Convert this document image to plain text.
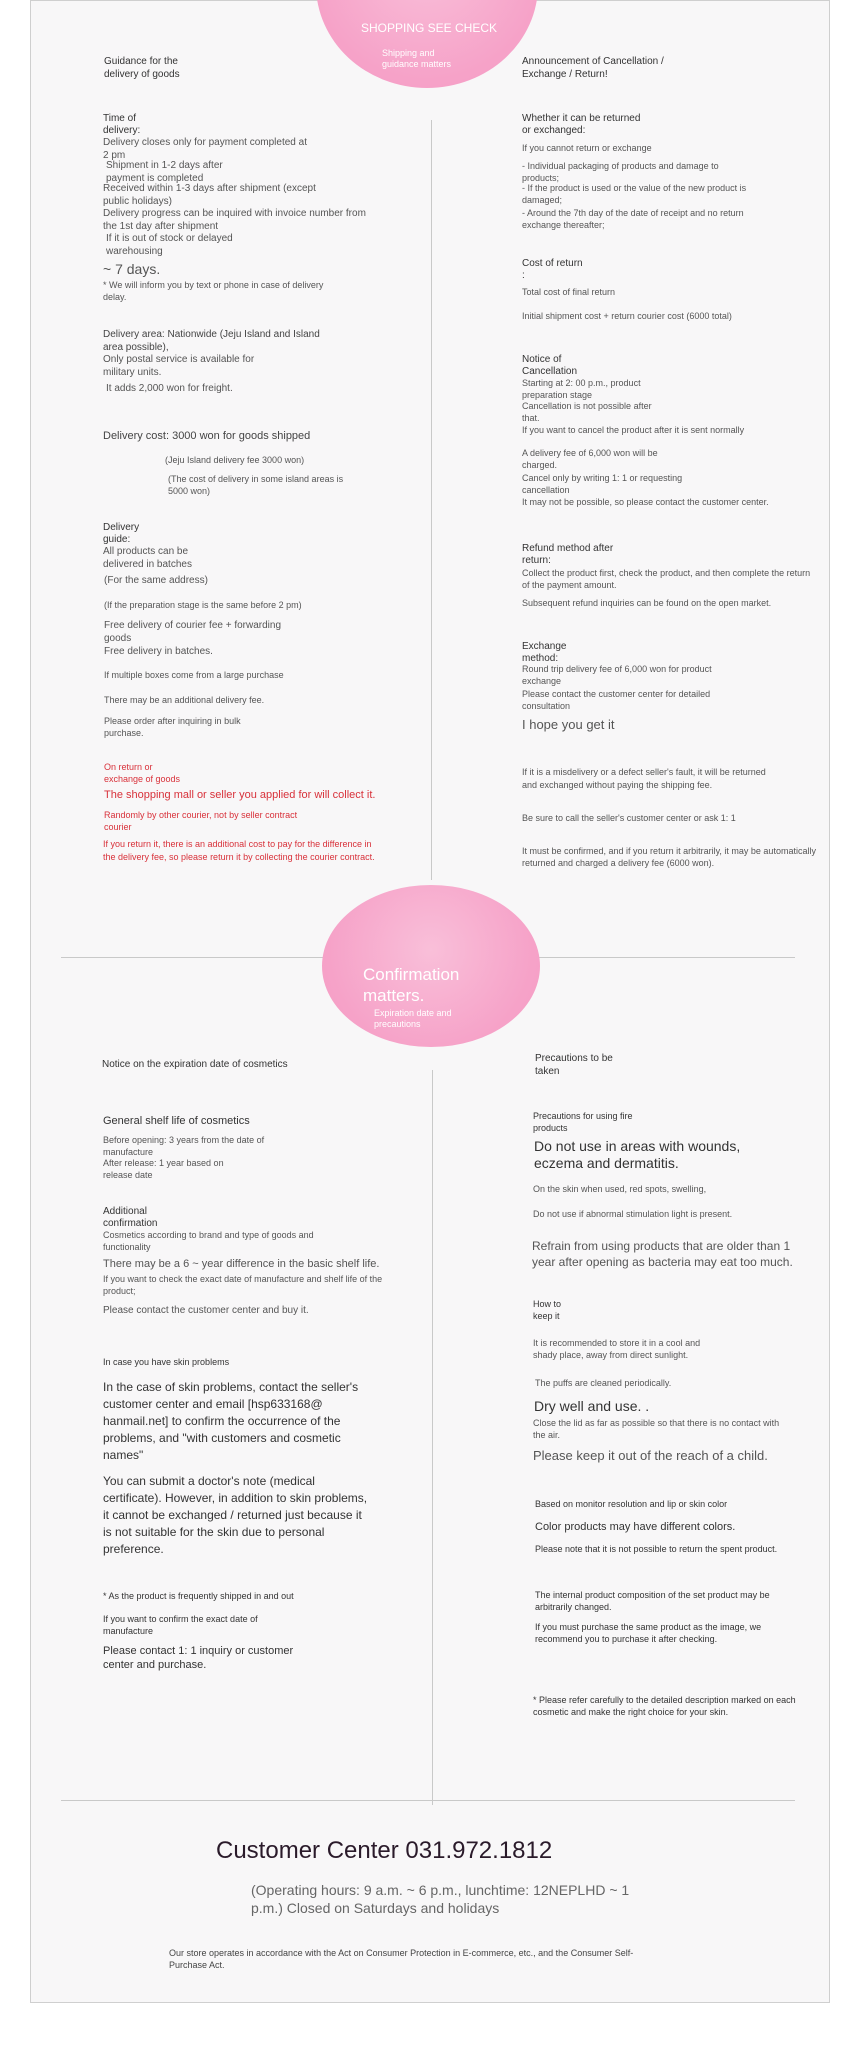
SHOPPING SEE CHECK
Shipping and guidance matters
Guidance for the delivery of goods
Announcement of Cancellation / Exchange / Return!
Time of delivery:
Delivery closes only for payment completed at 2 pm
Shipment in 1-2 days after payment is completed
Received within 1-3 days after shipment (except public holidays)
Delivery progress can be inquired with invoice number from the 1st day after shipment
If it is out of stock or delayed warehousing
~ 7 days.
* We will inform you by text or phone in case of delivery delay.
Delivery area: Nationwide (Jeju Island and Island area possible),
Only postal service is available for military units.
It adds 2,000 won for freight.
Delivery cost: 3000 won for goods shipped
(Jeju Island delivery fee 3000 won)
(The cost of delivery in some island areas is 5000 won)
Delivery guide:
All products can be delivered in batches
(For the same address)
(If the preparation stage is the same before 2 pm)
Free delivery of courier fee + forwarding goods
Free delivery in batches.
If multiple boxes come from a large purchase
There may be an additional delivery fee.
Please order after inquiring in bulk purchase.
On return or exchange of goods
The shopping mall or seller you applied for will collect it.
Randomly by other courier, not by seller contract courier
If you return it, there is an additional cost to pay for the difference in the delivery fee, so please return it by collecting the courier contract.
Whether it can be returned or exchanged:
If you cannot return or exchange
- Individual packaging of products and damage to products;
- If the product is used or the value of the new product is damaged;
- Around the 7th day of the date of receipt and no return exchange thereafter;
Cost of return
:
Total cost of final return
Initial shipment cost + return courier cost (6000 total)
Notice of Cancellation
Starting at 2: 00 p.m., product preparation stage
Cancellation is not possible after that.
If you want to cancel the product after it is sent normally
A delivery fee of 6,000 won will be charged.
Cancel only by writing 1: 1 or requesting cancellation
It may not be possible, so please contact the customer center.
Refund method after return:
Collect the product first, check the product, and then complete the return of the payment amount.
Subsequent refund inquiries can be found on the open market.
Exchange method:
Round trip delivery fee of 6,000 won for product exchange
Please contact the customer center for detailed consultation
I hope you get it
If it is a misdelivery or a defect seller's fault, it will be returned and exchanged without paying the shipping fee.
Be sure to call the seller's customer center or ask 1: 1
It must be confirmed, and if you return it arbitrarily, it may be automatically returned and charged a delivery fee (6000 won).
Confirmation matters.
Expiration date and precautions
Notice on the expiration date of cosmetics
Precautions to be taken
General shelf life of cosmetics
Before opening: 3 years from the date of manufacture
After release: 1 year based on release date
Additional confirmation
Cosmetics according to brand and type of goods and functionality
There may be a 6 ~ year difference in the basic shelf life.
If you want to check the exact date of manufacture and shelf life of the product;
Please contact the customer center and buy it.
In case you have skin problems
In the case of skin problems, contact the seller's customer center and email [hsp633168@ hanmail.net] to confirm the occurrence of the problems, and "with customers and cosmetic names"
You can submit a doctor's note (medical certificate). However, in addition to skin problems, it cannot be exchanged / returned just because it is not suitable for the skin due to personal preference.
* As the product is frequently shipped in and out
If you want to confirm the exact date of manufacture
Please contact 1: 1 inquiry or customer center and purchase.
Precautions for using fire products
Do not use in areas with wounds, eczema and dermatitis.
On the skin when used, red spots, swelling,
Do not use if abnormal stimulation light is present.
Refrain from using products that are older than 1 year after opening as bacteria may eat too much.
How to keep it
It is recommended to store it in a cool and shady place, away from direct sunlight.
The puffs are cleaned periodically.
Dry well and use. .
Close the lid as far as possible so that there is no contact with the air.
Please keep it out of the reach of a child.
Based on monitor resolution and lip or skin color
Color products may have different colors.
Please note that it is not possible to return the spent product.
The internal product composition of the set product may be arbitrarily changed.
If you must purchase the same product as the image, we recommend you to purchase it after checking.
* Please refer carefully to the detailed description marked on each cosmetic and make the right choice for your skin.
Customer Center 031.972.1812
(Operating hours: 9 a.m. ~ 6 p.m., lunchtime: 12NEPLHD ~ 1 p.m.) Closed on Saturdays and holidays
Our store operates in accordance with the Act on Consumer Protection in E-commerce, etc., and the Consumer Self-Purchase Act.
